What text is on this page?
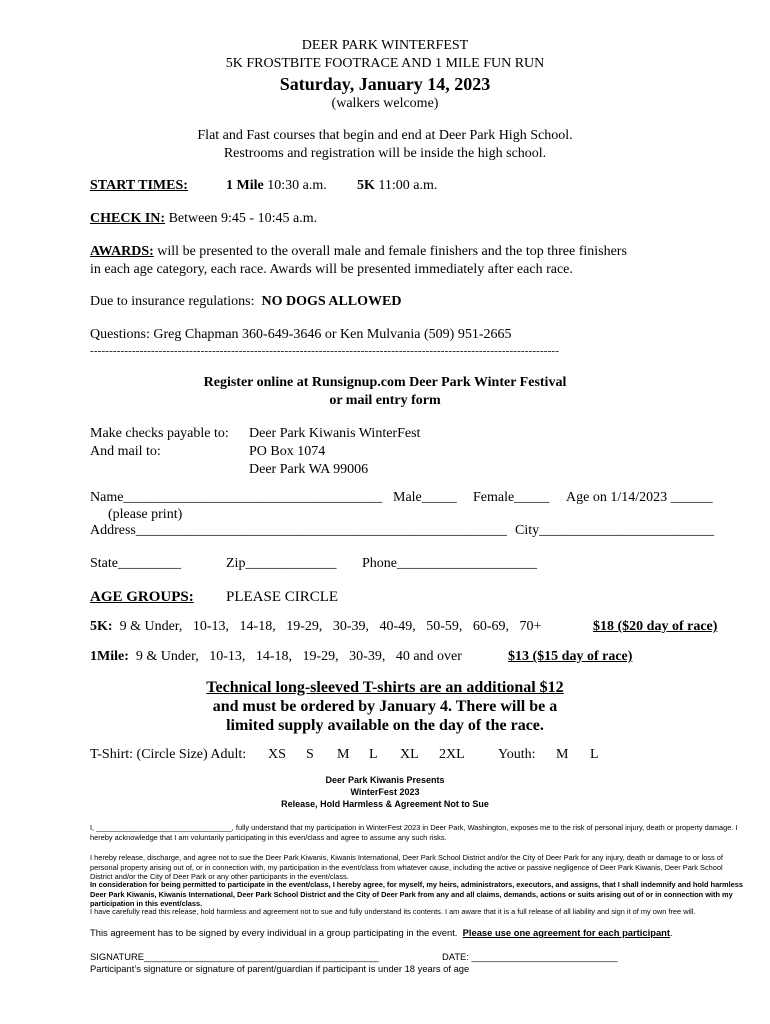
DEER PARK WINTERFEST
5K FROSTBITE FOOTRACE AND 1 MILE FUN RUN
Saturday, January 14, 2023
(walkers welcome)
Flat and Fast courses that begin and end at Deer Park High School.
Restrooms and registration will be inside the high school.
START TIMES:	1 Mile 10:30 a.m. 5K 11:00 a.m.
CHECK IN: Between 9:45 - 10:45 a.m.
AWARDS: will be presented to the overall male and female finishers and the top three finishers
in each age category, each race. Awards will be presented immediately after each race.
Due to insurance regulations: NO DOGS ALLOWED
Questions: Greg Chapman 360-649-3646 or Ken Mulvania (509) 951-2665
---------------------------------------------------------------------------------------------------------------------------
Register online at Runsignup.com Deer Park Winter Festival
or mail entry form
Make checks payable to: Deer Park Kiwanis WinterFest
And mail to:	PO Box 1074
Deer Park WA 99006
Name_____________________________________ Male_____ Female_____ Age on 1/14/2023 ______
(please print)
Address_____________________________________________________ City_________________________
State_________	Zip_____________ Phone____________________
AGE GROUPS: PLEASE CIRCLE
5K: 9 & Under,   10-13,   14-18,   19-29,   30-39,   40-49,   50-59,   60-69,   70+	$18 ($20 day of race)
1Mile: 9 & Under,   10-13,   14-18,   19-29,   30-39,   40 and over	$13 ($15 day of race)
Technical long-sleeved T-shirts are an additional $12
and must be ordered by January 4. There will be a
limited supply available on the day of the race.
T-Shirt: (Circle Size) Adult: XS S M L XL 2XL Youth: M L
Deer Park Kiwanis Presents
WinterFest 2023
Release, Hold Harmless & Agreement Not to Sue
I, _________________________________, fully understand that my participation in WinterFest 2023 in Deer Park, Washington, exposes me to the risk of personal injury, death or property damage. I hereby acknowledge that I am voluntarily participating in this even/class and agree to assume any such risks.
I hereby release, discharge, and agree not to sue the Deer Park Kiwanis, Kiwanis International, Deer Park School District and/or the City of Deer Park for any injury, death or damage to or loss of personal property arising out of, or in connection with, my participation in the event/class from whatever cause, including the active or passive negligence of Deer Park Kiwanis, Deer Park School District and/or the City of Deer Park or any other participants in the event/class.
In consideration for being permitted to participate in the event/class, I hereby agree, for myself, my heirs, administrators, executors, and assigns, that I shall indemnify and hold harmless Deer Park Kiwanis, Kiwanis International, Deer Park School District and the City of Deer Park from any and all claims, demands, actions or suits arising out of or in connection with my participation in this event/class.
I have carefully read this release, hold harmless and agreement not to sue and fully understand its contents. I am aware that it is a full release of all liability and sign it of my own free will.
This agreement has to be signed by every individual in a group participating in the event. Please use one agreement for each participant.
SIGNATURE_____________________________________________	DATE: ____________________________
Participant’s signature or signature of parent/guardian if participant is under 18 years of age
